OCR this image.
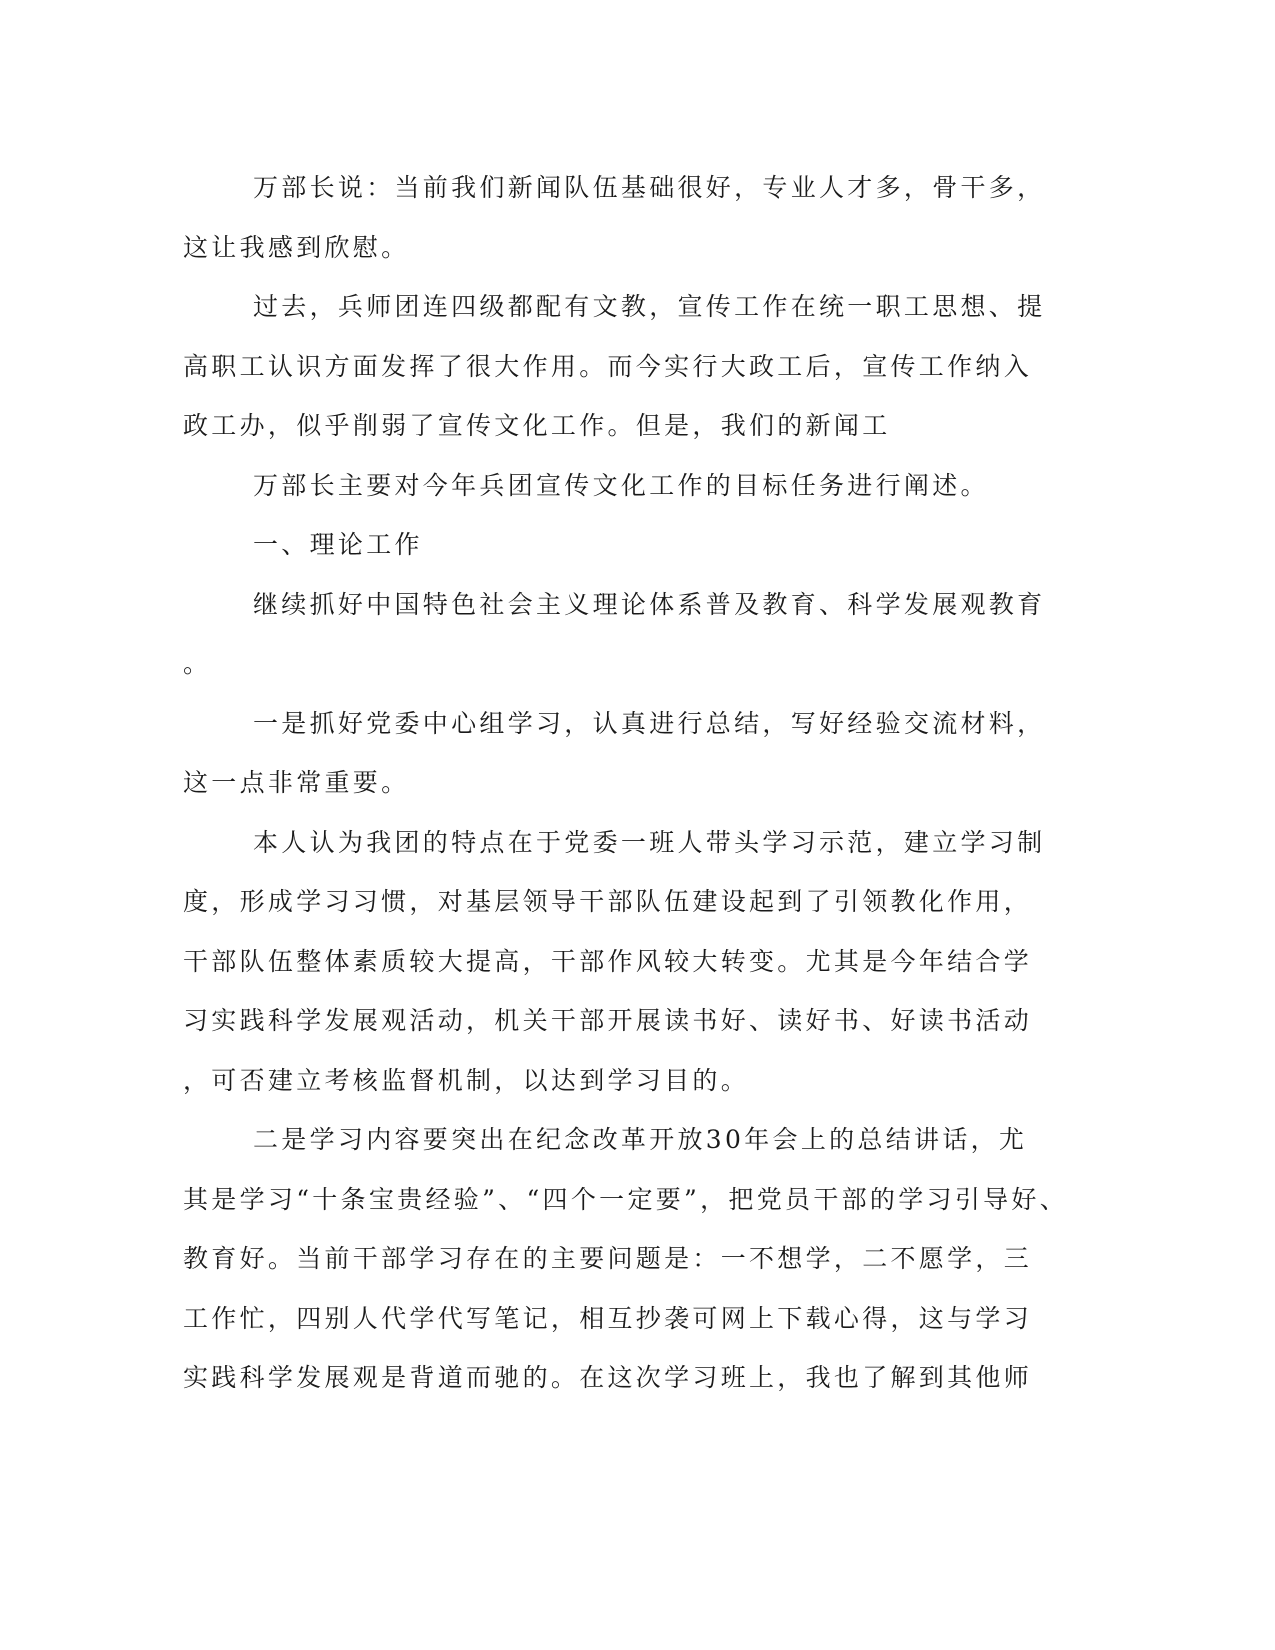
万部长说：当前我们新闻队伍基础很好，专业人才多，骨干多，
这让我感到欣慰。
过去，兵师团连四级都配有文教，宣传工作在统一职工思想、提
高职工认识方面发挥了很大作用。而今实行大政工后，宣传工作纳入
政工办，似乎削弱了宣传文化工作。但是，我们的新闻工
万部长主要对今年兵团宣传文化工作的目标任务进行阐述。
一、理论工作
继续抓好中国特色社会主义理论体系普及教育、科学发展观教育
。
一是抓好党委中心组学习，认真进行总结，写好经验交流材料，
这一点非常重要。
本人认为我团的特点在于党委一班人带头学习示范，建立学习制
度，形成学习习惯，对基层领导干部队伍建设起到了引领教化作用，
干部队伍整体素质较大提高，干部作风较大转变。尤其是今年结合学
习实践科学发展观活动，机关干部开展读书好、读好书、好读书活动
，可否建立考核监督机制，以达到学习目的。
二是学习内容要突出在纪念改革开放30年会上的总结讲话，尤
其是学习“十条宝贵经验”、“四个一定要”，把党员干部的学习引导好、
教育好。当前干部学习存在的主要问题是：一不想学，二不愿学，三
工作忙，四别人代学代写笔记，相互抄袭可网上下载心得，这与学习
实践科学发展观是背道而驰的。在这次学习班上，我也了解到其他师
